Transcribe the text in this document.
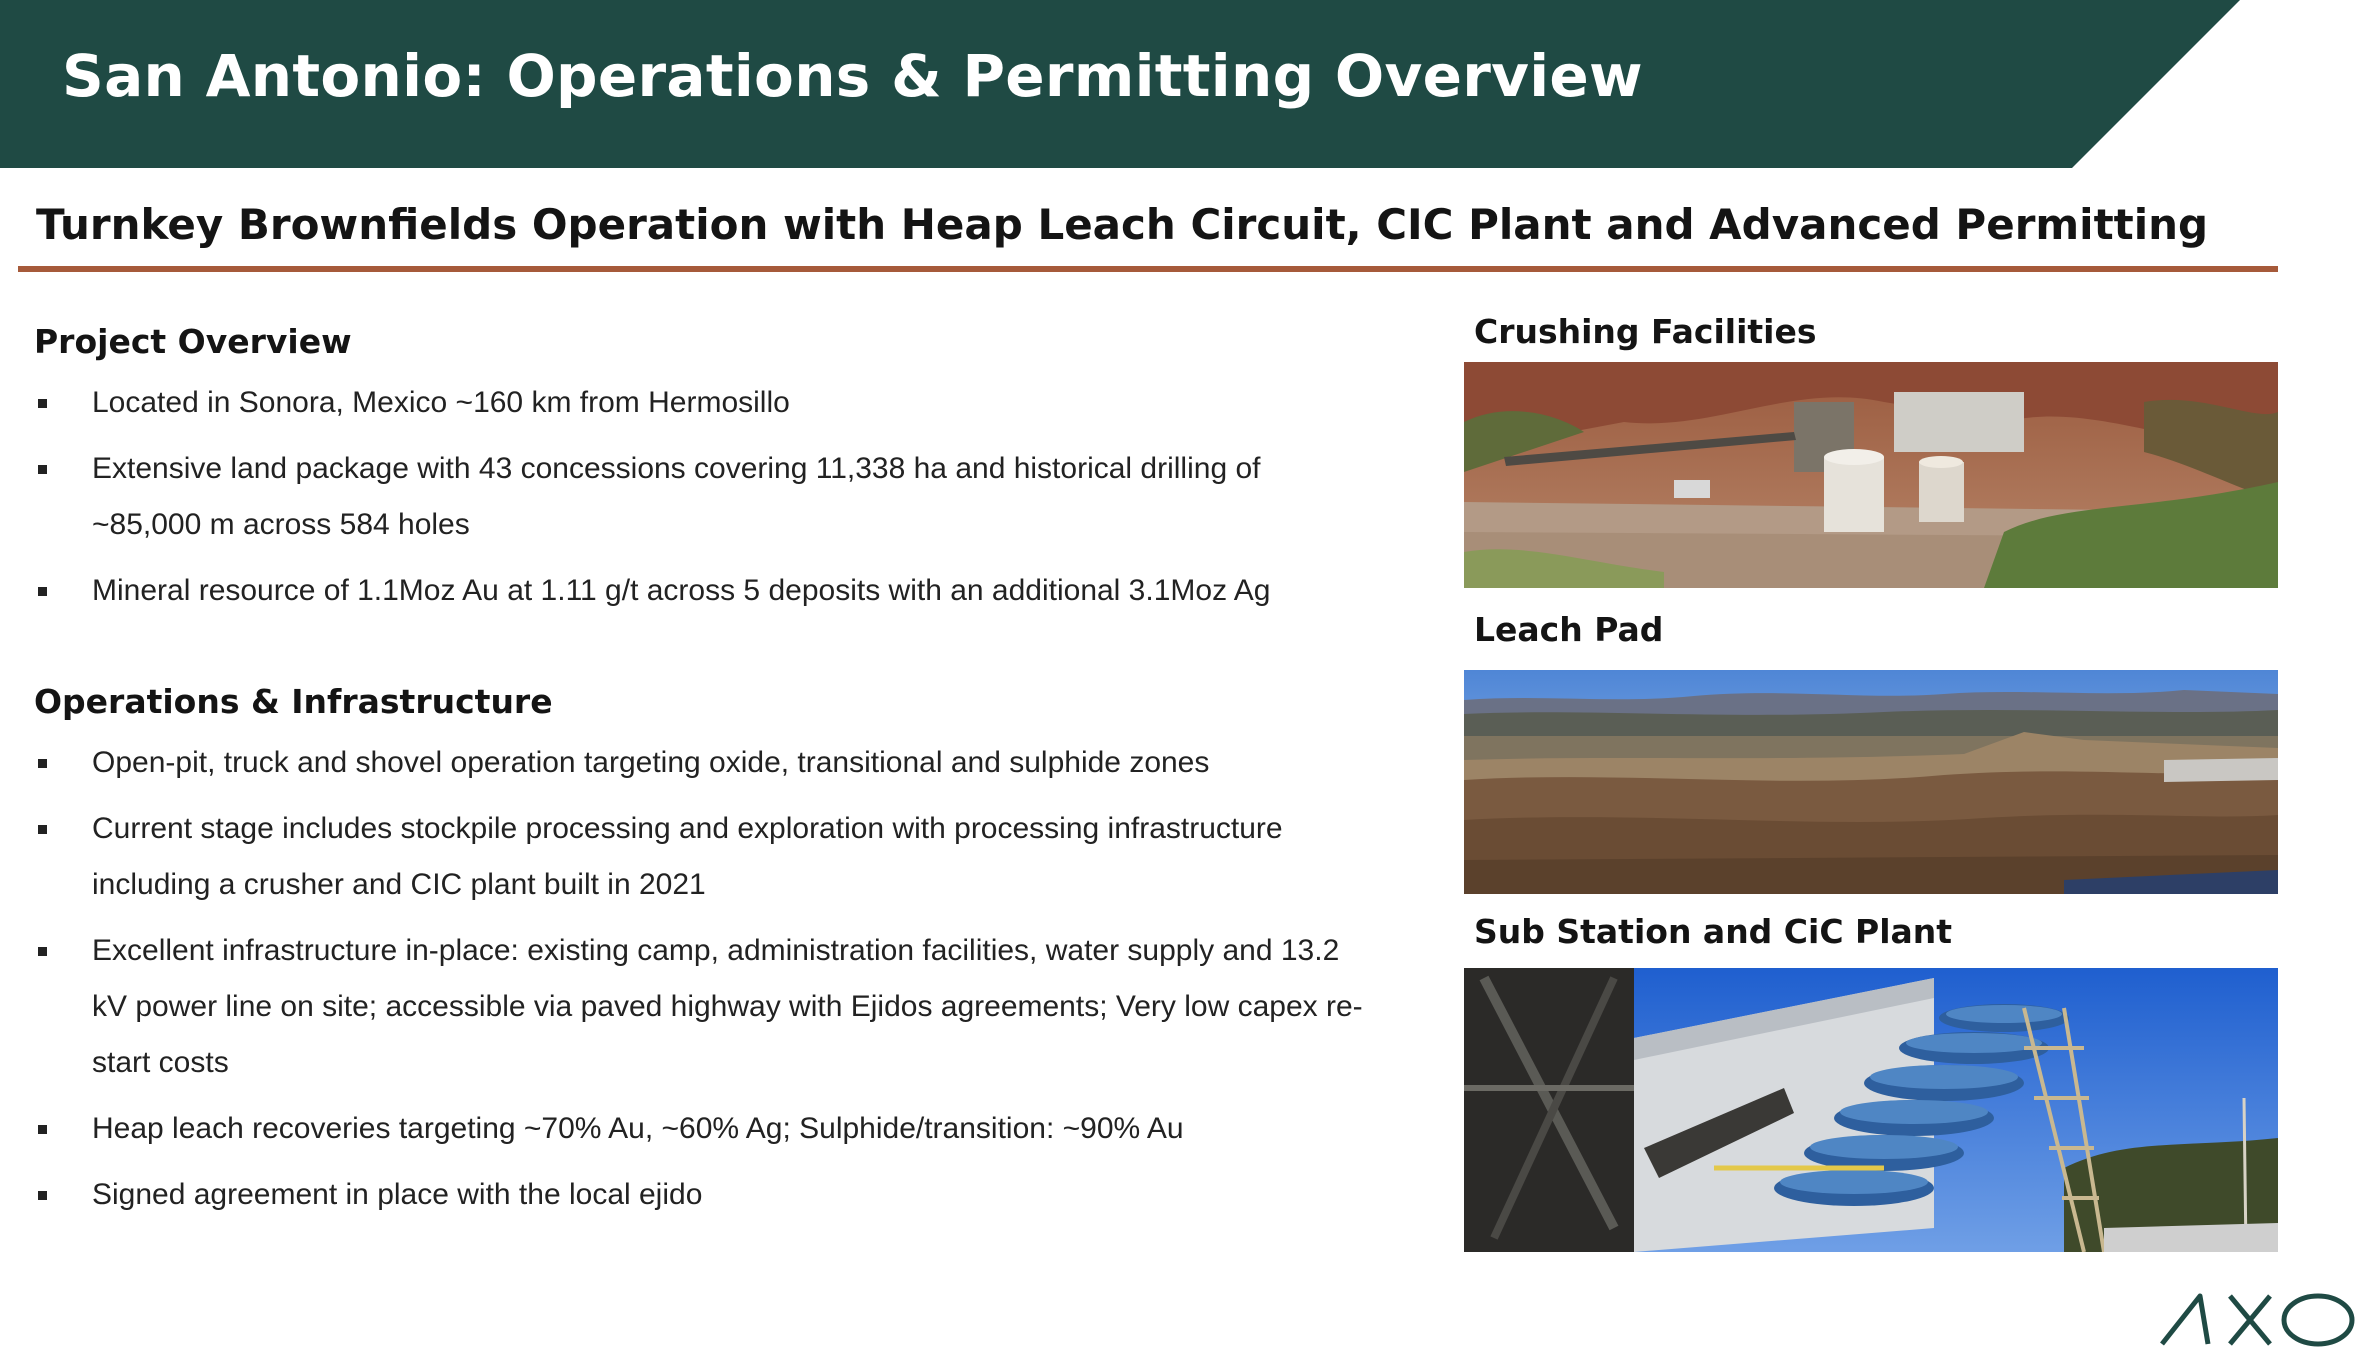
San Antonio: Operations & Permitting Overview
Turnkey Brownfields Operation with Heap Leach Circuit, CIC Plant and Advanced Permitting
Project Overview
Located in Sonora, Mexico ~160 km from Hermosillo
Extensive land package with 43 concessions covering 11,338 ha and historical drilling of ~85,000 m across 584 holes
Mineral resource of 1.1Moz Au at 1.11 g/t across 5 deposits with an additional 3.1Moz Ag
Operations & Infrastructure
Open-pit, truck and shovel operation targeting oxide, transitional and sulphide zones
Current stage includes stockpile processing and exploration with processing infrastructure including a crusher and CIC plant built in 2021
Excellent infrastructure in-place: existing camp, administration facilities, water supply and 13.2 kV power line on site; accessible via paved highway with Ejidos agreements; Very low capex re-start costs
Heap leach recoveries targeting ~70% Au, ~60% Ag; Sulphide/transition: ~90% Au
Signed agreement in place with the local ejido
Crushing Facilities
Leach Pad
Sub Station and CiC Plant
